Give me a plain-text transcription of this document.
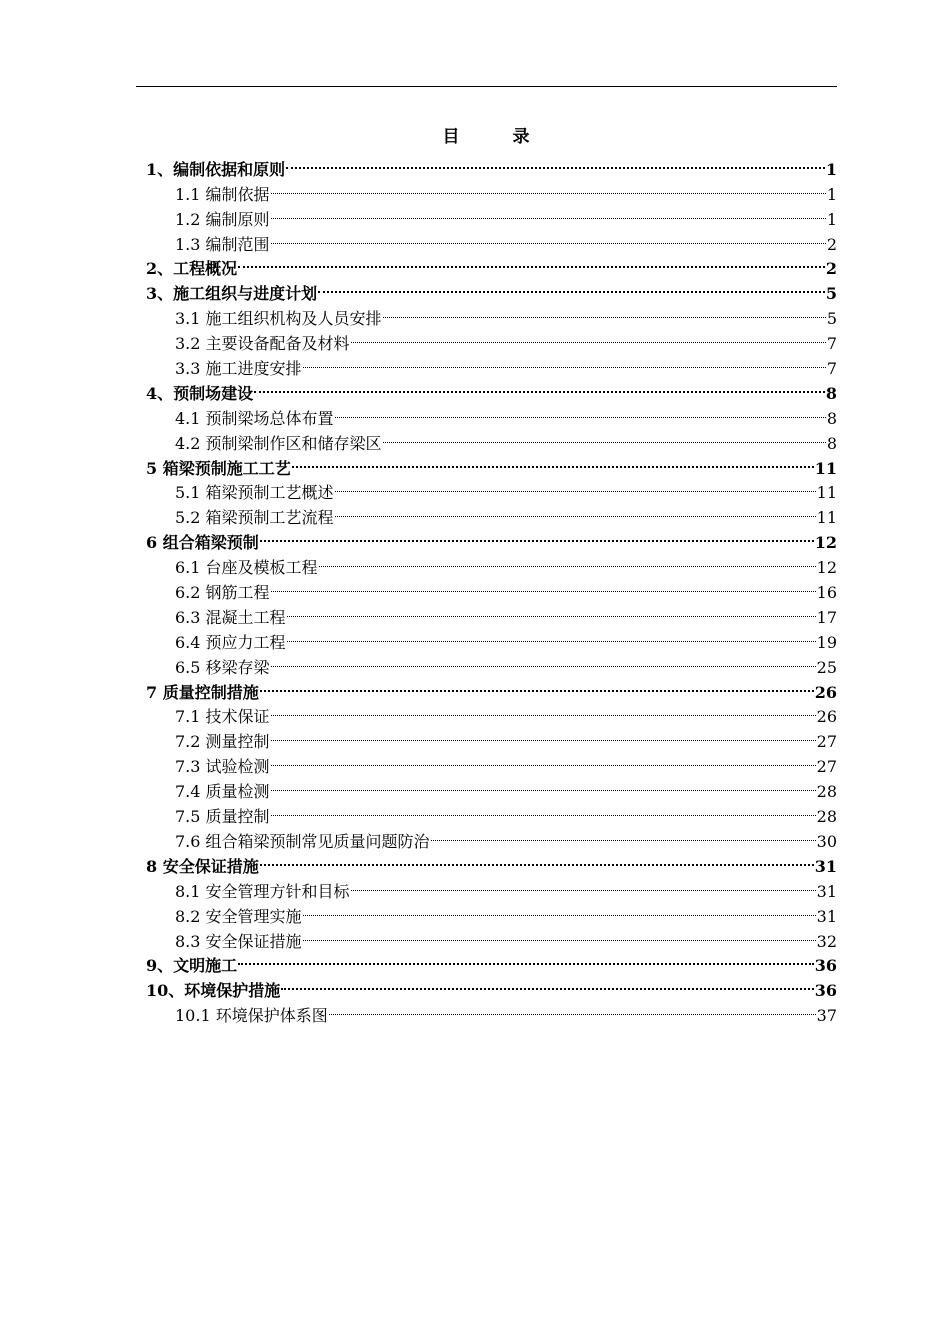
目	录
1、编制依据和原则	1
1.1 编制依据	1
1.2 编制原则	1
1.3 编制范围	2
2、工程概况	2
3、施工组织与进度计划	5
3.1 施工组织机构及人员安排	5
3.2 主要设备配备及材料	7
3.3 施工进度安排	7
4、预制场建设	8
4.1 预制梁场总体布置	8
4.2 预制梁制作区和储存梁区	8
5 箱梁预制施工工艺	11
5.1 箱梁预制工艺概述	11
5.2 箱梁预制工艺流程	11
6 组合箱梁预制	12
6.1 台座及模板工程	12
6.2 钢筋工程	16
6.3 混凝土工程	17
6.4 预应力工程	19
6.5 移梁存梁	25
7 质量控制措施	26
7.1 技术保证	26
7.2 测量控制	27
7.3 试验检测	27
7.4 质量检测	28
7.5 质量控制	28
7.6 组合箱梁预制常见质量问题防治	30
8 安全保证措施	31
8.1 安全管理方针和目标	31
8.2 安全管理实施	31
8.3 安全保证措施	32
9、文明施工	36
10、环境保护措施	36
10.1 环境保护体系图	37
